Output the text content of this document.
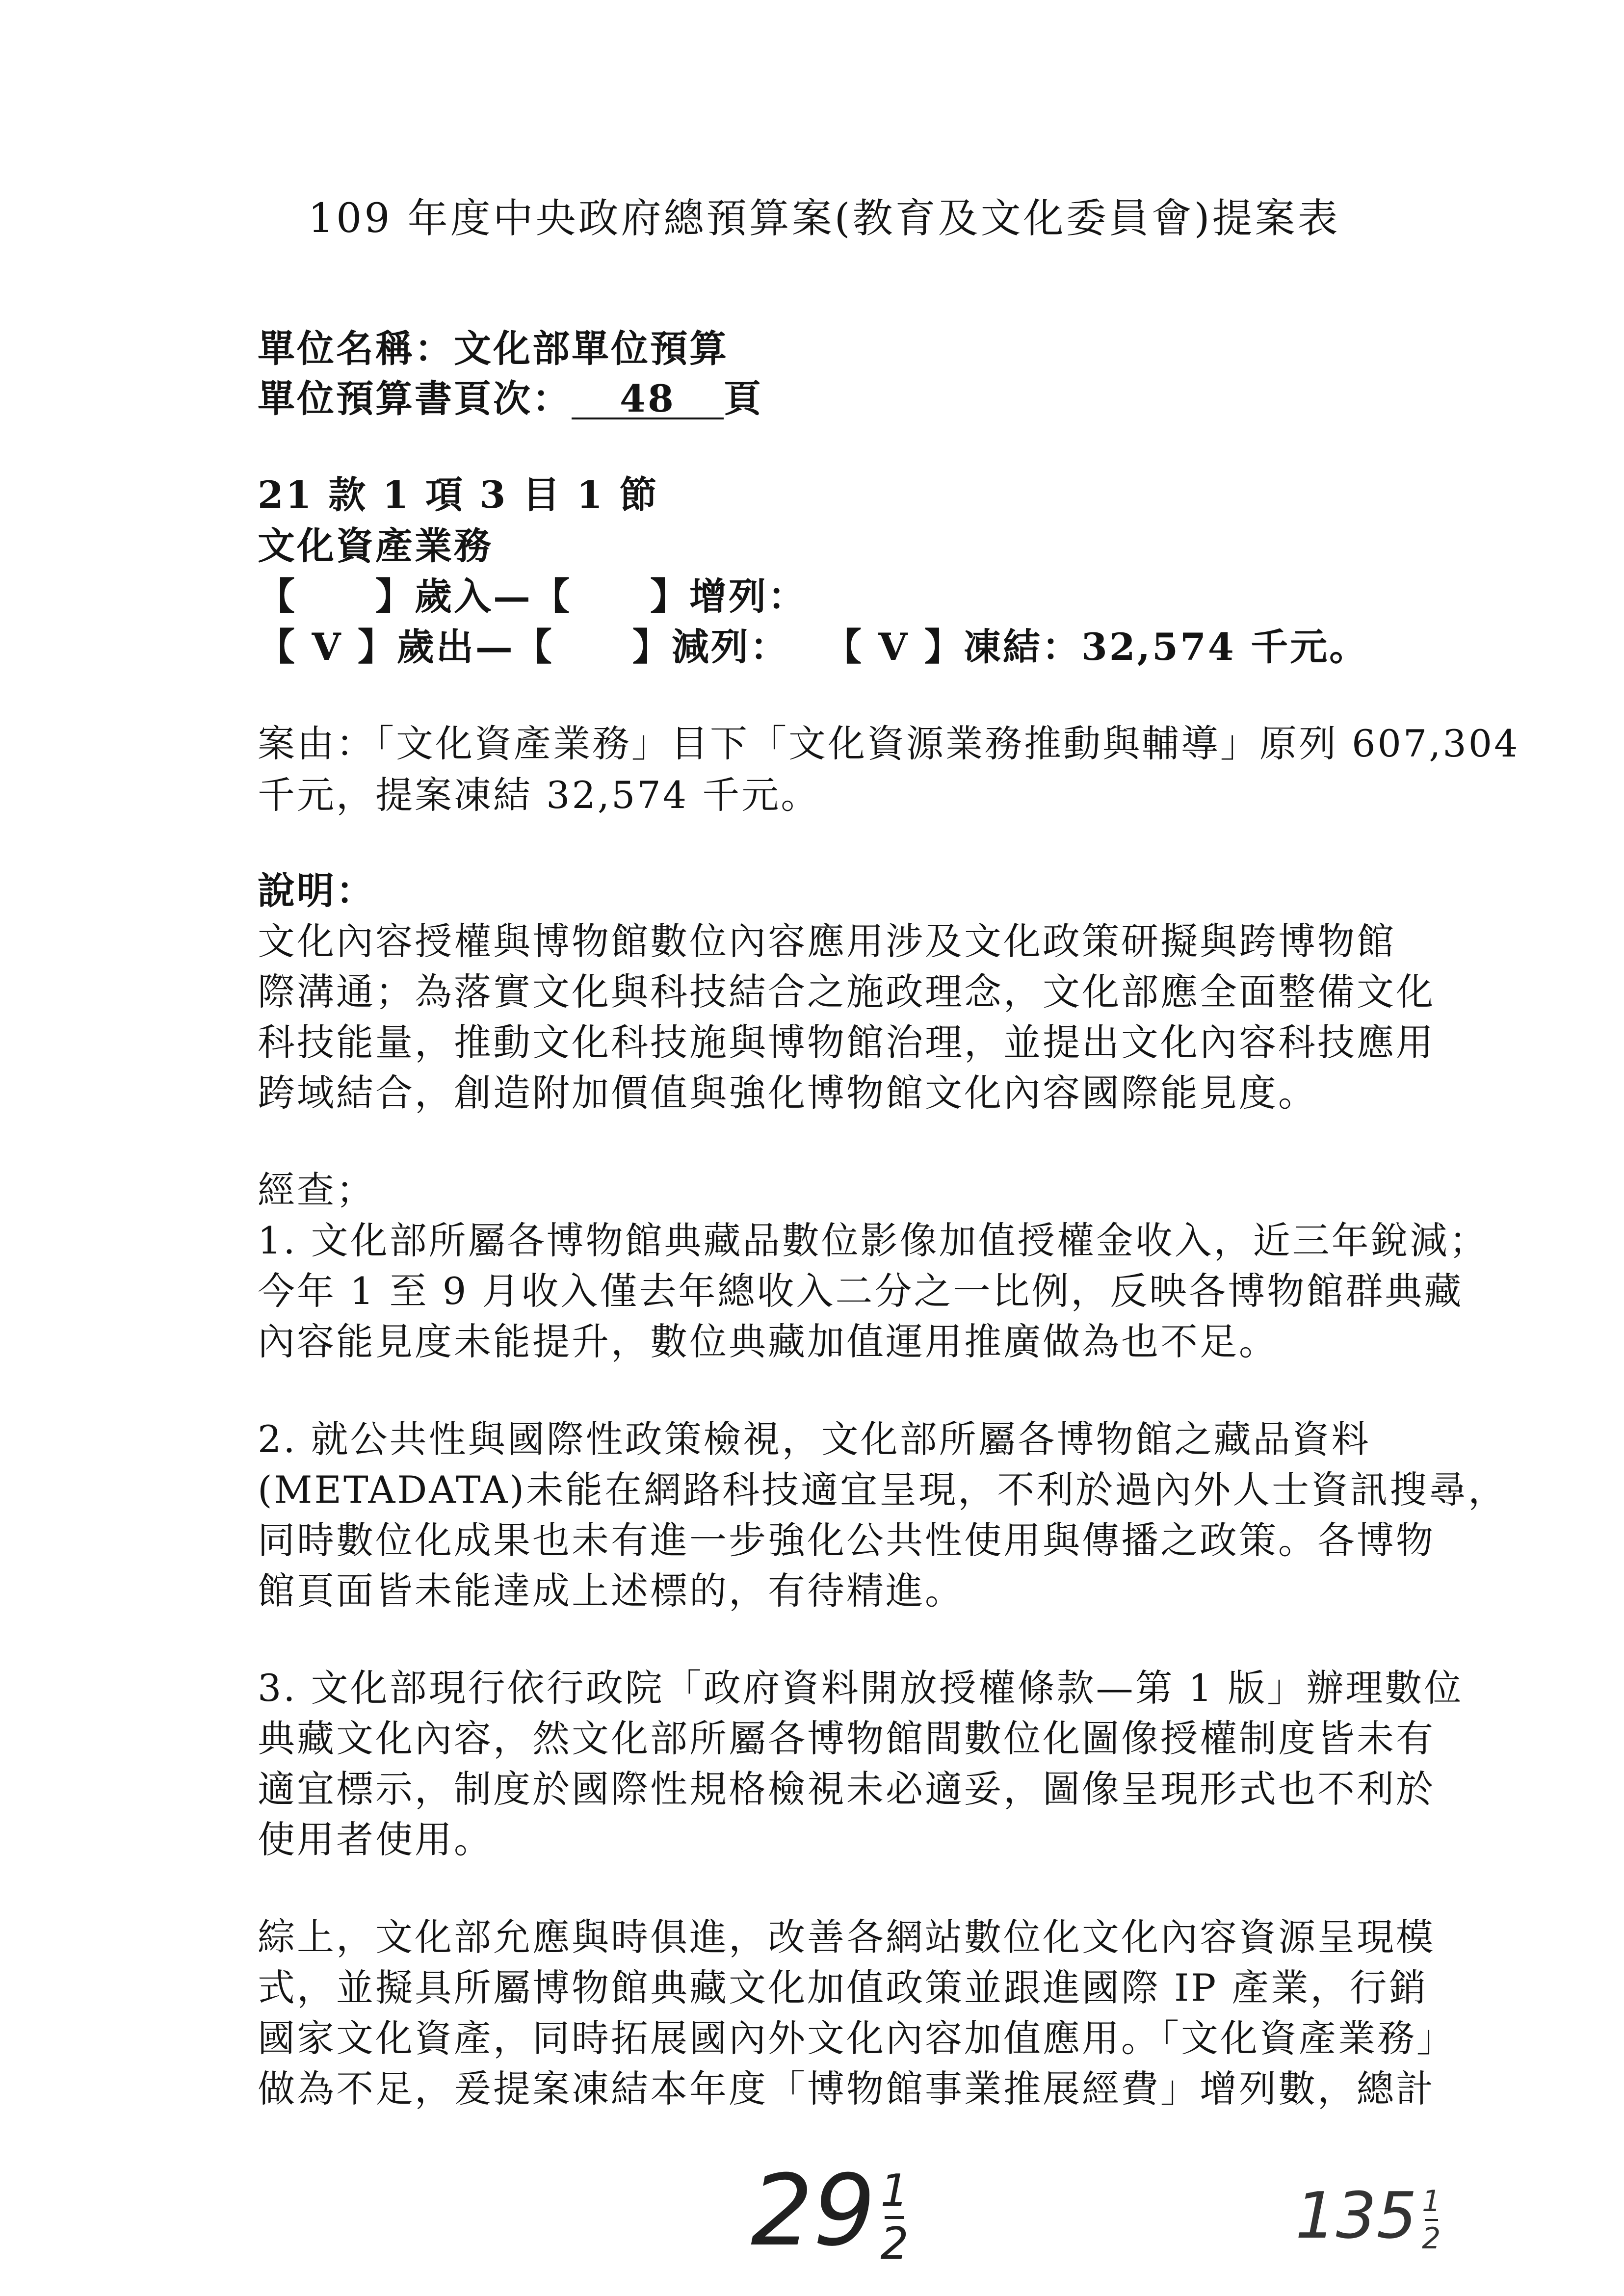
109 年度中央政府總預算案(教育及文化委員會)提案表
單位名稱：文化部單位預算
單位預算書頁次： 48 頁
21 款 1 項 3 目 1 節
文化資產業務
【　　】歲入—【　　】增列：
【 V 】歲出—【　　】減列： 【 V 】凍結：32,574 千元。
案由：「文化資產業務」目下「文化資源業務推動與輔導」原列 607,304
千元，提案凍結 32,574 千元。
說明：
文化內容授權與博物館數位內容應用涉及文化政策研擬與跨博物館
際溝通；為落實文化與科技結合之施政理念，文化部應全面整備文化
科技能量，推動文化科技施與博物館治理，並提出文化內容科技應用
跨域結合，創造附加價值與強化博物館文化內容國際能見度。
經查；
1. 文化部所屬各博物館典藏品數位影像加值授權金收入，近三年銳減；
今年 1 至 9 月收入僅去年總收入二分之一比例，反映各博物館群典藏
內容能見度未能提升，數位典藏加值運用推廣做為也不足。
2. 就公共性與國際性政策檢視，文化部所屬各博物館之藏品資料
(METADATA)未能在網路科技適宜呈現，不利於過內外人士資訊搜尋，
同時數位化成果也未有進一步強化公共性使用與傳播之政策。各博物
館頁面皆未能達成上述標的，有待精進。
3. 文化部現行依行政院「政府資料開放授權條款—第 1 版」辦理數位
典藏文化內容，然文化部所屬各博物館間數位化圖像授權制度皆未有
適宜標示，制度於國際性規格檢視未必適妥，圖像呈現形式也不利於
使用者使用。
綜上，文化部允應與時俱進，改善各網站數位化文化內容資源呈現模
式，並擬具所屬博物館典藏文化加值政策並跟進國際 IP 產業，行銷
國家文化資產，同時拓展國內外文化內容加值應用。「文化資產業務」
做為不足，爰提案凍結本年度「博物館事業推展經費」增列數，總計
29 1
2	$135 \frac{1}{2}$
